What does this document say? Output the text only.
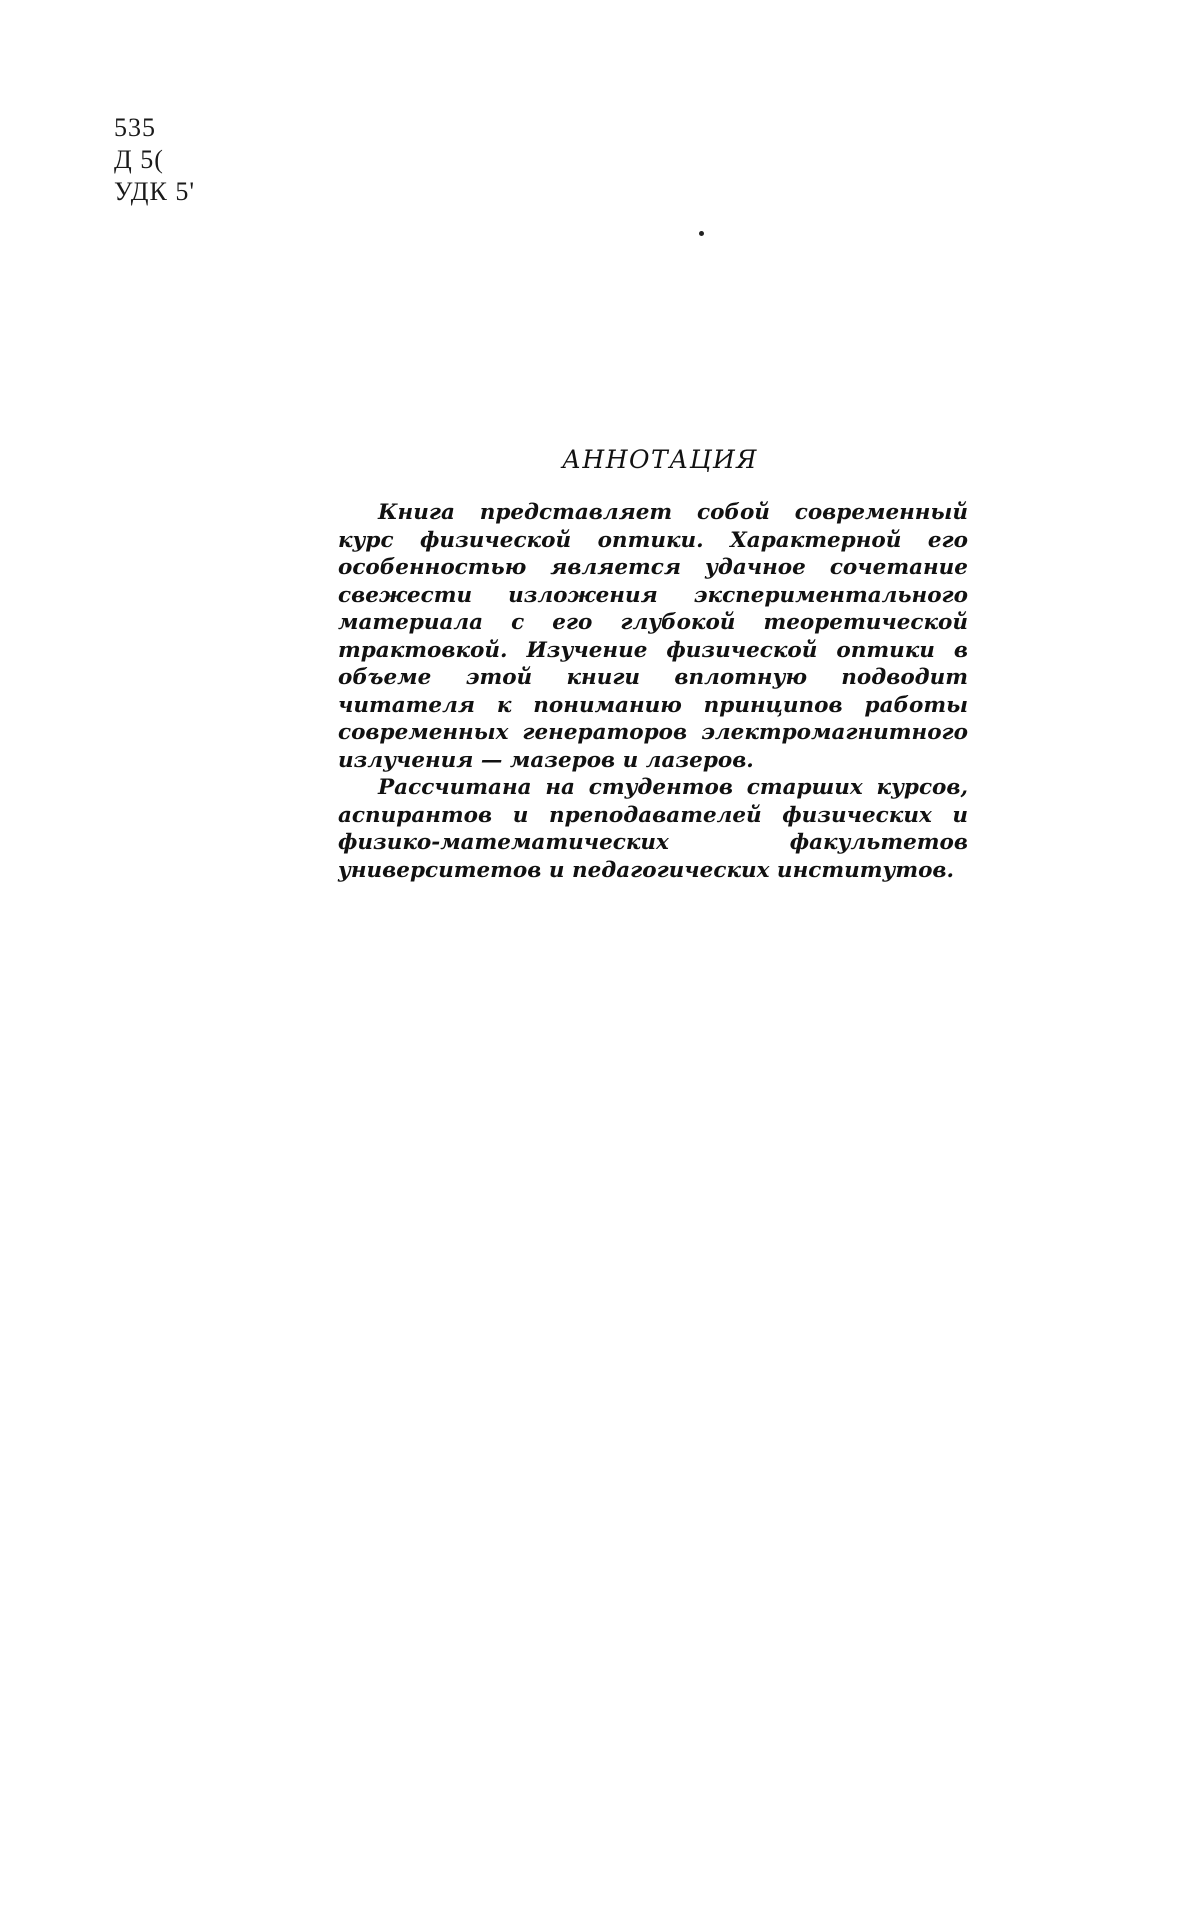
535
Д 5(
УДК 5'
АННОТАЦИЯ

Книга представляет собой современный курс физической оптики. Характерной его особенностью является удачное сочетание свежести изложения экспериментального материала с его глубокой теоретической трактовкой. Изучение физической оптики в объеме этой книги вплотную подводит читателя к пониманию принципов работы современных генераторов электромагнитного излучения — мазеров и лазеров.

Рассчитана на студентов старших курсов, аспирантов и преподавателей физических и физико-математических факультетов университетов и педагогических институтов.
